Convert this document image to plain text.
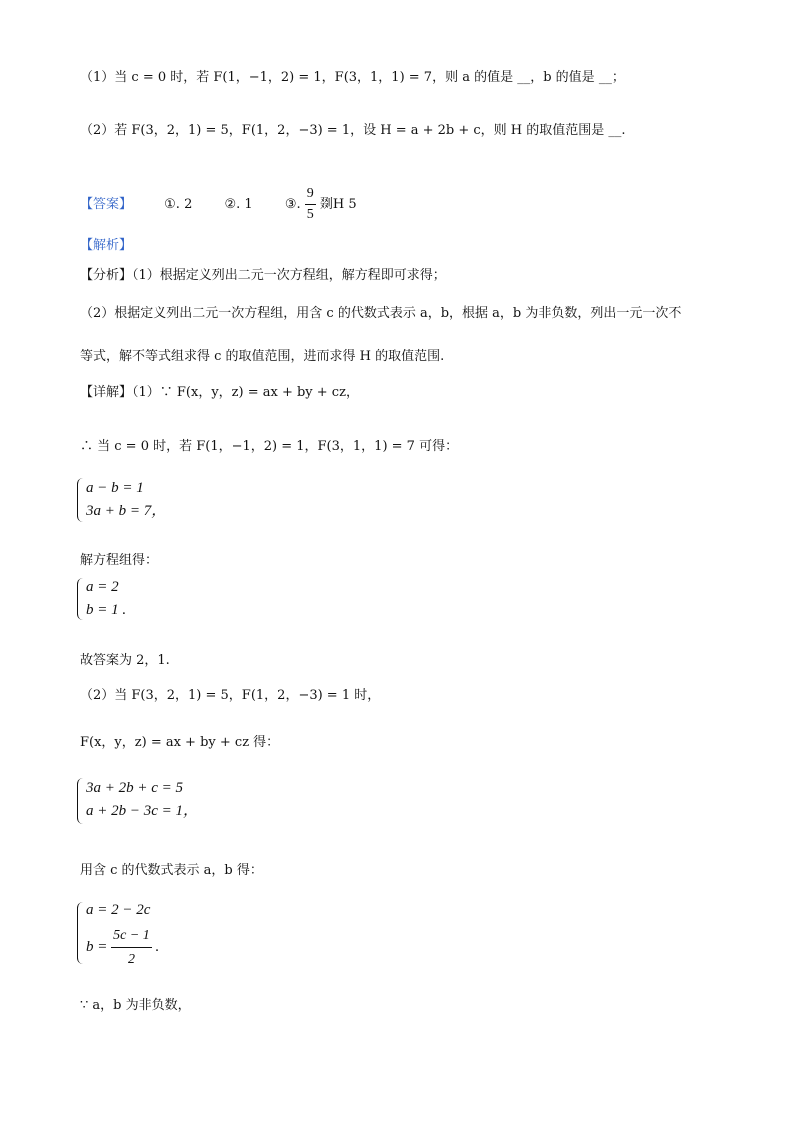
（1）当 c = 0 时，若 F(1，−1，2) = 1，F(3，1，1) = 7，则 a 的值是 __，b 的值是 __；
（2）若 F(3，2，1) = 5，F(1，2，−3) = 1，设 H = a + 2b + c，则 H 的取值范围是 __.
【答案】 ①. 2 ②. 1 ③. $\frac{9}{5}$ 剟H 5
【解析】
【分析】（1）根据定义列出二元一次方程组，解方程即可求得；
（2）根据定义列出二元一次方程组，用含 c 的代数式表示 a，b，根据 a，b 为非负数，列出一元一次不
等式，解不等式组求得 c 的取值范围，进而求得 H 的取值范围.
【详解】（1）∵ F(x，y，z) = ax + by + cz，
∴ 当 c = 0 时，若 F(1，−1，2) = 1，F(3，1，1) = 7 可得：
a − b = 1
3a + b = 7，
解方程组得：
a = 2
b = 1 .
故答案为 2，1.
（2）当 F(3，2，1) = 5，F(1，2，−3) = 1 时，
F(x，y，z) = ax + by + cz 得：
3a + 2b + c = 5
a + 2b − 3c = 1，
用含 c 的代数式表示 a，b 得：
a = 2 − 2c
$b = \frac{5c - 1}{2}$ .
∵ a，b 为非负数，
